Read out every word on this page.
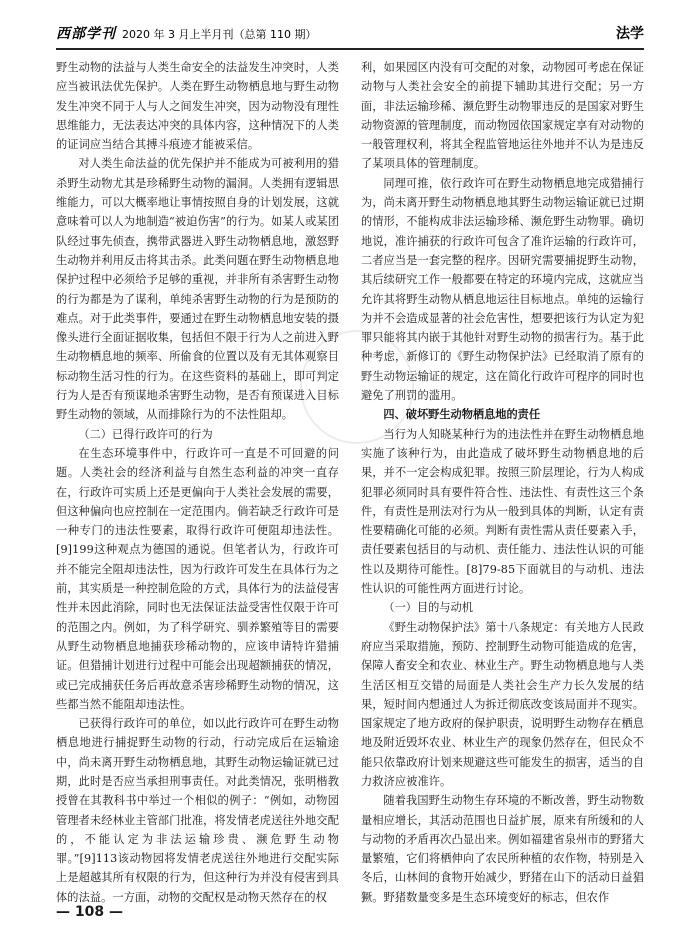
西部学刊 2020 年 3 月上半月刊（总第 110 期）	法学

野生动物的法益与人类生命安全的法益发生冲突时，人类应当被讯法优先保护。人类在野生动物栖息地与野生动物发生冲突不同于人与人之间发生冲突，因为动物没有理性思维能力，无法表达冲突的具体内容，这种情况下的人类的证词应当结合其搏斗痕迹才能被采信。

对人类生命法益的优先保护并不能成为可被利用的猎杀野生动物尤其是珍稀野生动物的漏洞。人类拥有逻辑思维能力，可以大概率地让事情按照自身的计划发展，这就意味着可以人为地制造“被迫伤害”的行为。如某人或某团队经过事先侦查，携带武器进入野生动物栖息地，激怒野生动物并利用反击将其击杀。此类问题在野生动物栖息地保护过程中必须给予足够的重视，并非所有杀害野生动物的行为都是为了谋利，单纯杀害野生动物的行为是预防的难点。对于此类事件，要通过在野生动物栖息地安装的摄像头进行全面证据收集，包括但不限于行为人之前进入野生动物栖息地的频率、所偷食的位置以及有无其体观察目标动物生活习性的行为。在这些资料的基础上，即可判定行为人是否有预谋地杀害野生动物，是否有预谋进入目标野生动物的领域，从而排除行为的不法性阻却。

（二）已得行政许可的行为

在生态环境事件中，行政许可一直是不可回避的问题。人类社会的经济利益与自然生态利益的冲突一直存在，行政许可实质上还是更偏向于人类社会发展的需要，但这种偏向也应控制在一定范围内。倘若缺乏行政许可是一种专门的违法性要素，取得行政许可便阻却违法性。[9]199这种观点为德国的通说。但笔者认为，行政许可并不能完全阻却违法性，因为行政许可发生在具体行为之前，其实质是一种控制危险的方式，具体行为的法益侵害性并未因此消除，同时也无法保证法益受害性仅限于许可的范围之内。例如，为了科学研究、驯养繁殖等目的需要从野生动物栖息地捕获珍稀动物的，应该申请特许猎捕证。但猎捕计划进行过程中可能会出现超额捕获的情况，或已完成捕获任务后再故意杀害珍稀野生动物的情况，这些都当然不能阻却违法性。

已获得行政许可的单位，如以此行政许可在野生动物栖息地进行捕捉野生动物的行动，行动完成后在运输途中，尚未离开野生动物栖息地，其野生动物运输证就已过期，此时是否应当承担刑事责任。对此类情况，张明楷教授曾在其教科书中举过一个相似的例子：“例如，动物园管理者未经林业主管部门批准，将发情老虎送往外地交配的，不能认定为非法运输珍贵、濒危野生动物罪。”[9]113该动物园将发情老虎送往外地进行交配实际上是超越其所有权限的行为，但这种行为并没有侵害到具体的法益。一方面，动物的交配权是动物天然存在的权

利，如果园区内没有可交配的对象，动物园可考虑在保证动物与人类社会安全的前提下辅助其进行交配；另一方面，非法运输珍稀、濒危野生动物罪违反的是国家对野生动物资源的管理制度，而动物园依国家规定享有对动物的一般管理权利，将其全程监管地运往外地并不认为是违反了某项具体的管理制度。

同理可推，依行政许可在野生动物栖息地完成猎捕行为，尚未离开野生动物栖息地其野生动物运输证就已过期的情形，不能构成非法运输珍稀、濒危野生动物罪。确切地说，准许捕获的行政许可包含了准许运输的行政许可，二者应当是一套完整的程序。因研究需要捕捉野生动物，其后续研究工作一般都要在特定的环境内完成，这就应当允许其将野生动物从栖息地运往目标地点。单纯的运输行为并不会造成显著的社会危害性，想要把该行为认定为犯罪只能将其内嵌于其他针对野生动物的损害行为。基于此种考虑，新修订的《野生动物保护法》已经取消了原有的野生动物运输证的规定，这在简化行政许可程序的同时也避免了刑罚的滥用。

四、破坏野生动物栖息地的责任

当行为人知晓某种行为的违法性并在野生动物栖息地实施了该种行为，由此造成了破坏野生动物栖息地的后果，并不一定会构成犯罪。按照三阶层理论，行为人构成犯罪必须同时具有要件符合性、违法性、有责性这三个条件，有责性是刑法对行为从一般到具体的判断，认定有责性要精确化可能的必须。判断有责性需从责任要素入手，责任要素包括目的与动机、责任能力、违法性认识的可能性以及期待可能性。[8]79-85下面就目的与动机、违法性认识的可能性两方面进行讨论。

（一）目的与动机

《野生动物保护法》第十八条规定：有关地方人民政府应当采取措施，预防、控制野生动物可能造成的危害，保障人畜安全和农业、林业生产。野生动物栖息地与人类生活区相互交错的局面是人类社会生产力长久发展的结果，短时间内想通过人为拆迁彻底改变该局面并不现实。国家规定了地方政府的保护职责，说明野生动物存在栖息地及附近毁坏农业、林业生产的现象仍然存在，但民众不能只依靠政府计划来规避这些可能发生的损害，适当的自力救济应被准许。

随着我国野生动物生存环境的不断改善，野生动物数量相应增长，其活动范围也日益扩展，原来有所缓和的人与动物的矛盾再次凸显出来。例如福建省泉州市的野猪大量繁殖，它们将栖伸向了农民所种植的农作物，特别是入冬后，山林间的食物开始减少，野猪在山下的活动日益猖獗。野猪数量变多是生态环境变好的标志，但农作

— 108 —
